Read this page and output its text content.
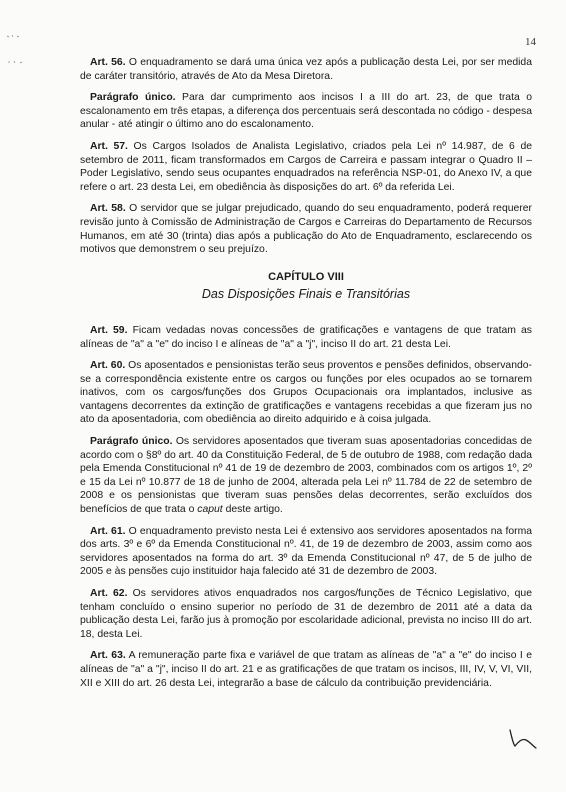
14

Art. 56. O enquadramento se dará uma única vez após a publicação desta Lei, por ser medida de caráter transitório, através de Ato da Mesa Diretora.

Parágrafo único. Para dar cumprimento aos incisos I a III do art. 23, de que trata o escalonamento em três etapas, a diferença dos percentuais será descontada no código - despesa anular - até atingir o último ano do escalonamento.

Art. 57. Os Cargos Isolados de Analista Legislativo, criados pela Lei nº 14.987, de 6 de setembro de 2011, ficam transformados em Cargos de Carreira e passam integrar o Quadro II – Poder Legislativo, sendo seus ocupantes enquadrados na referência NSP-01, do Anexo IV, a que refere o art. 23 desta Lei, em obediência às disposições do art. 6º da referida Lei.

Art. 58. O servidor que se julgar prejudicado, quando do seu enquadramento, poderá requerer revisão junto à Comissão de Administração de Cargos e Carreiras do Departamento de Recursos Humanos, em até 30 (trinta) dias após a publicação do Ato de Enquadramento, esclarecendo os motivos que demonstrem o seu prejuízo.

CAPÍTULO VIII
Das Disposições Finais e Transitórias

Art. 59. Ficam vedadas novas concessões de gratificações e vantagens de que tratam as alíneas de "a" a "e" do inciso I e alíneas de "a" a "j", inciso II do art. 21 desta Lei.

Art. 60. Os aposentados e pensionistas terão seus proventos e pensões definidos, observando-se a correspondência existente entre os cargos ou funções por eles ocupados ao se tornarem inativos, com os cargos/funções dos Grupos Ocupacionais ora implantados, inclusive as vantagens decorrentes da extinção de gratificações e vantagens recebidas a que fizeram jus no ato da aposentadoria, com obediência ao direito adquirido e à coisa julgada.

Parágrafo único. Os servidores aposentados que tiveram suas aposentadorias concedidas de acordo com o §8º do art. 40 da Constituição Federal, de 5 de outubro de 1988, com redação dada pela Emenda Constitucional nº 41 de 19 de dezembro de 2003, combinados com os artigos 1º, 2º e 15 da Lei nº 10.877 de 18 de junho de 2004, alterada pela Lei nº 11.784 de 22 de setembro de 2008 e os pensionistas que tiveram suas pensões delas decorrentes, serão excluídos dos benefícios de que trata o caput deste artigo.

Art. 61. O enquadramento previsto nesta Lei é extensivo aos servidores aposentados na forma dos arts. 3º e 6º da Emenda Constitucional nº. 41, de 19 de dezembro de 2003, assim como aos servidores aposentados na forma do art. 3º da Emenda Constitucional nº 47, de 5 de julho de 2005 e às pensões cujo instituidor haja falecido até 31 de dezembro de 2003.

Art. 62. Os servidores ativos enquadrados nos cargos/funções de Técnico Legislativo, que tenham concluído o ensino superior no período de 31 de dezembro de 2011 até a data da publicação desta Lei, farão jus à promoção por escolaridade adicional, prevista no inciso III do art. 18, desta Lei.

Art. 63. A remuneração parte fixa e variável de que tratam as alíneas de "a" a "e" do inciso I e alíneas de "a" a "j", inciso II do art. 21 e as gratificações de que tratam os incisos, III, IV, V, VI, VII, XII e XIII do art. 26 desta Lei, integrarão a base de cálculo da contribuição previdenciária.
